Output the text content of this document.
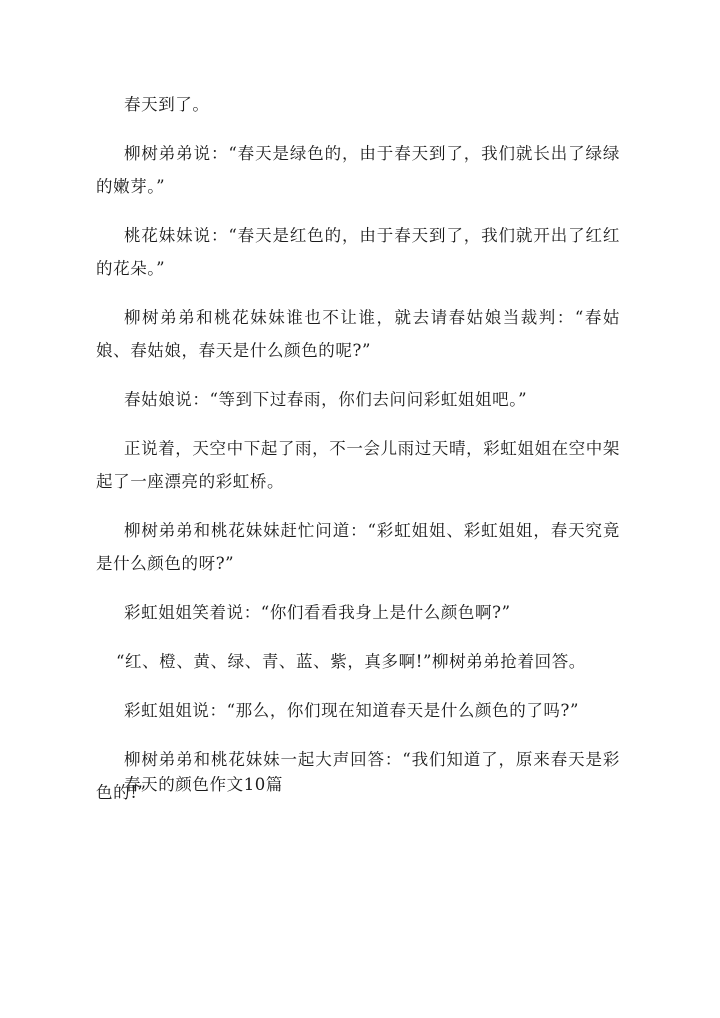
春天到了。

柳树弟弟说：“春天是绿色的，由于春天到了，我们就长出了绿绿的嫩芽。”

桃花妹妹说：“春天是红色的，由于春天到了，我们就开出了红红的花朵。”

柳树弟弟和桃花妹妹谁也不让谁，就去请春姑娘当裁判：“春姑娘、春姑娘，春天是什么颜色的呢?”

春姑娘说：“等到下过春雨，你们去问问彩虹姐姐吧。”

正说着，天空中下起了雨，不一会儿雨过天晴，彩虹姐姐在空中架起了一座漂亮的彩虹桥。

柳树弟弟和桃花妹妹赶忙问道：“彩虹姐姐、彩虹姐姐，春天究竟是什么颜色的呀?”

彩虹姐姐笑着说：“你们看看我身上是什么颜色啊?”

“红、橙、黄、绿、青、蓝、紫，真多啊!”柳树弟弟抢着回答。

彩虹姐姐说：“那么，你们现在知道春天是什么颜色的了吗?”

柳树弟弟和桃花妹妹一起大声回答：“我们知道了，原来春天是彩色的!”

春天的颜色作文10篇
